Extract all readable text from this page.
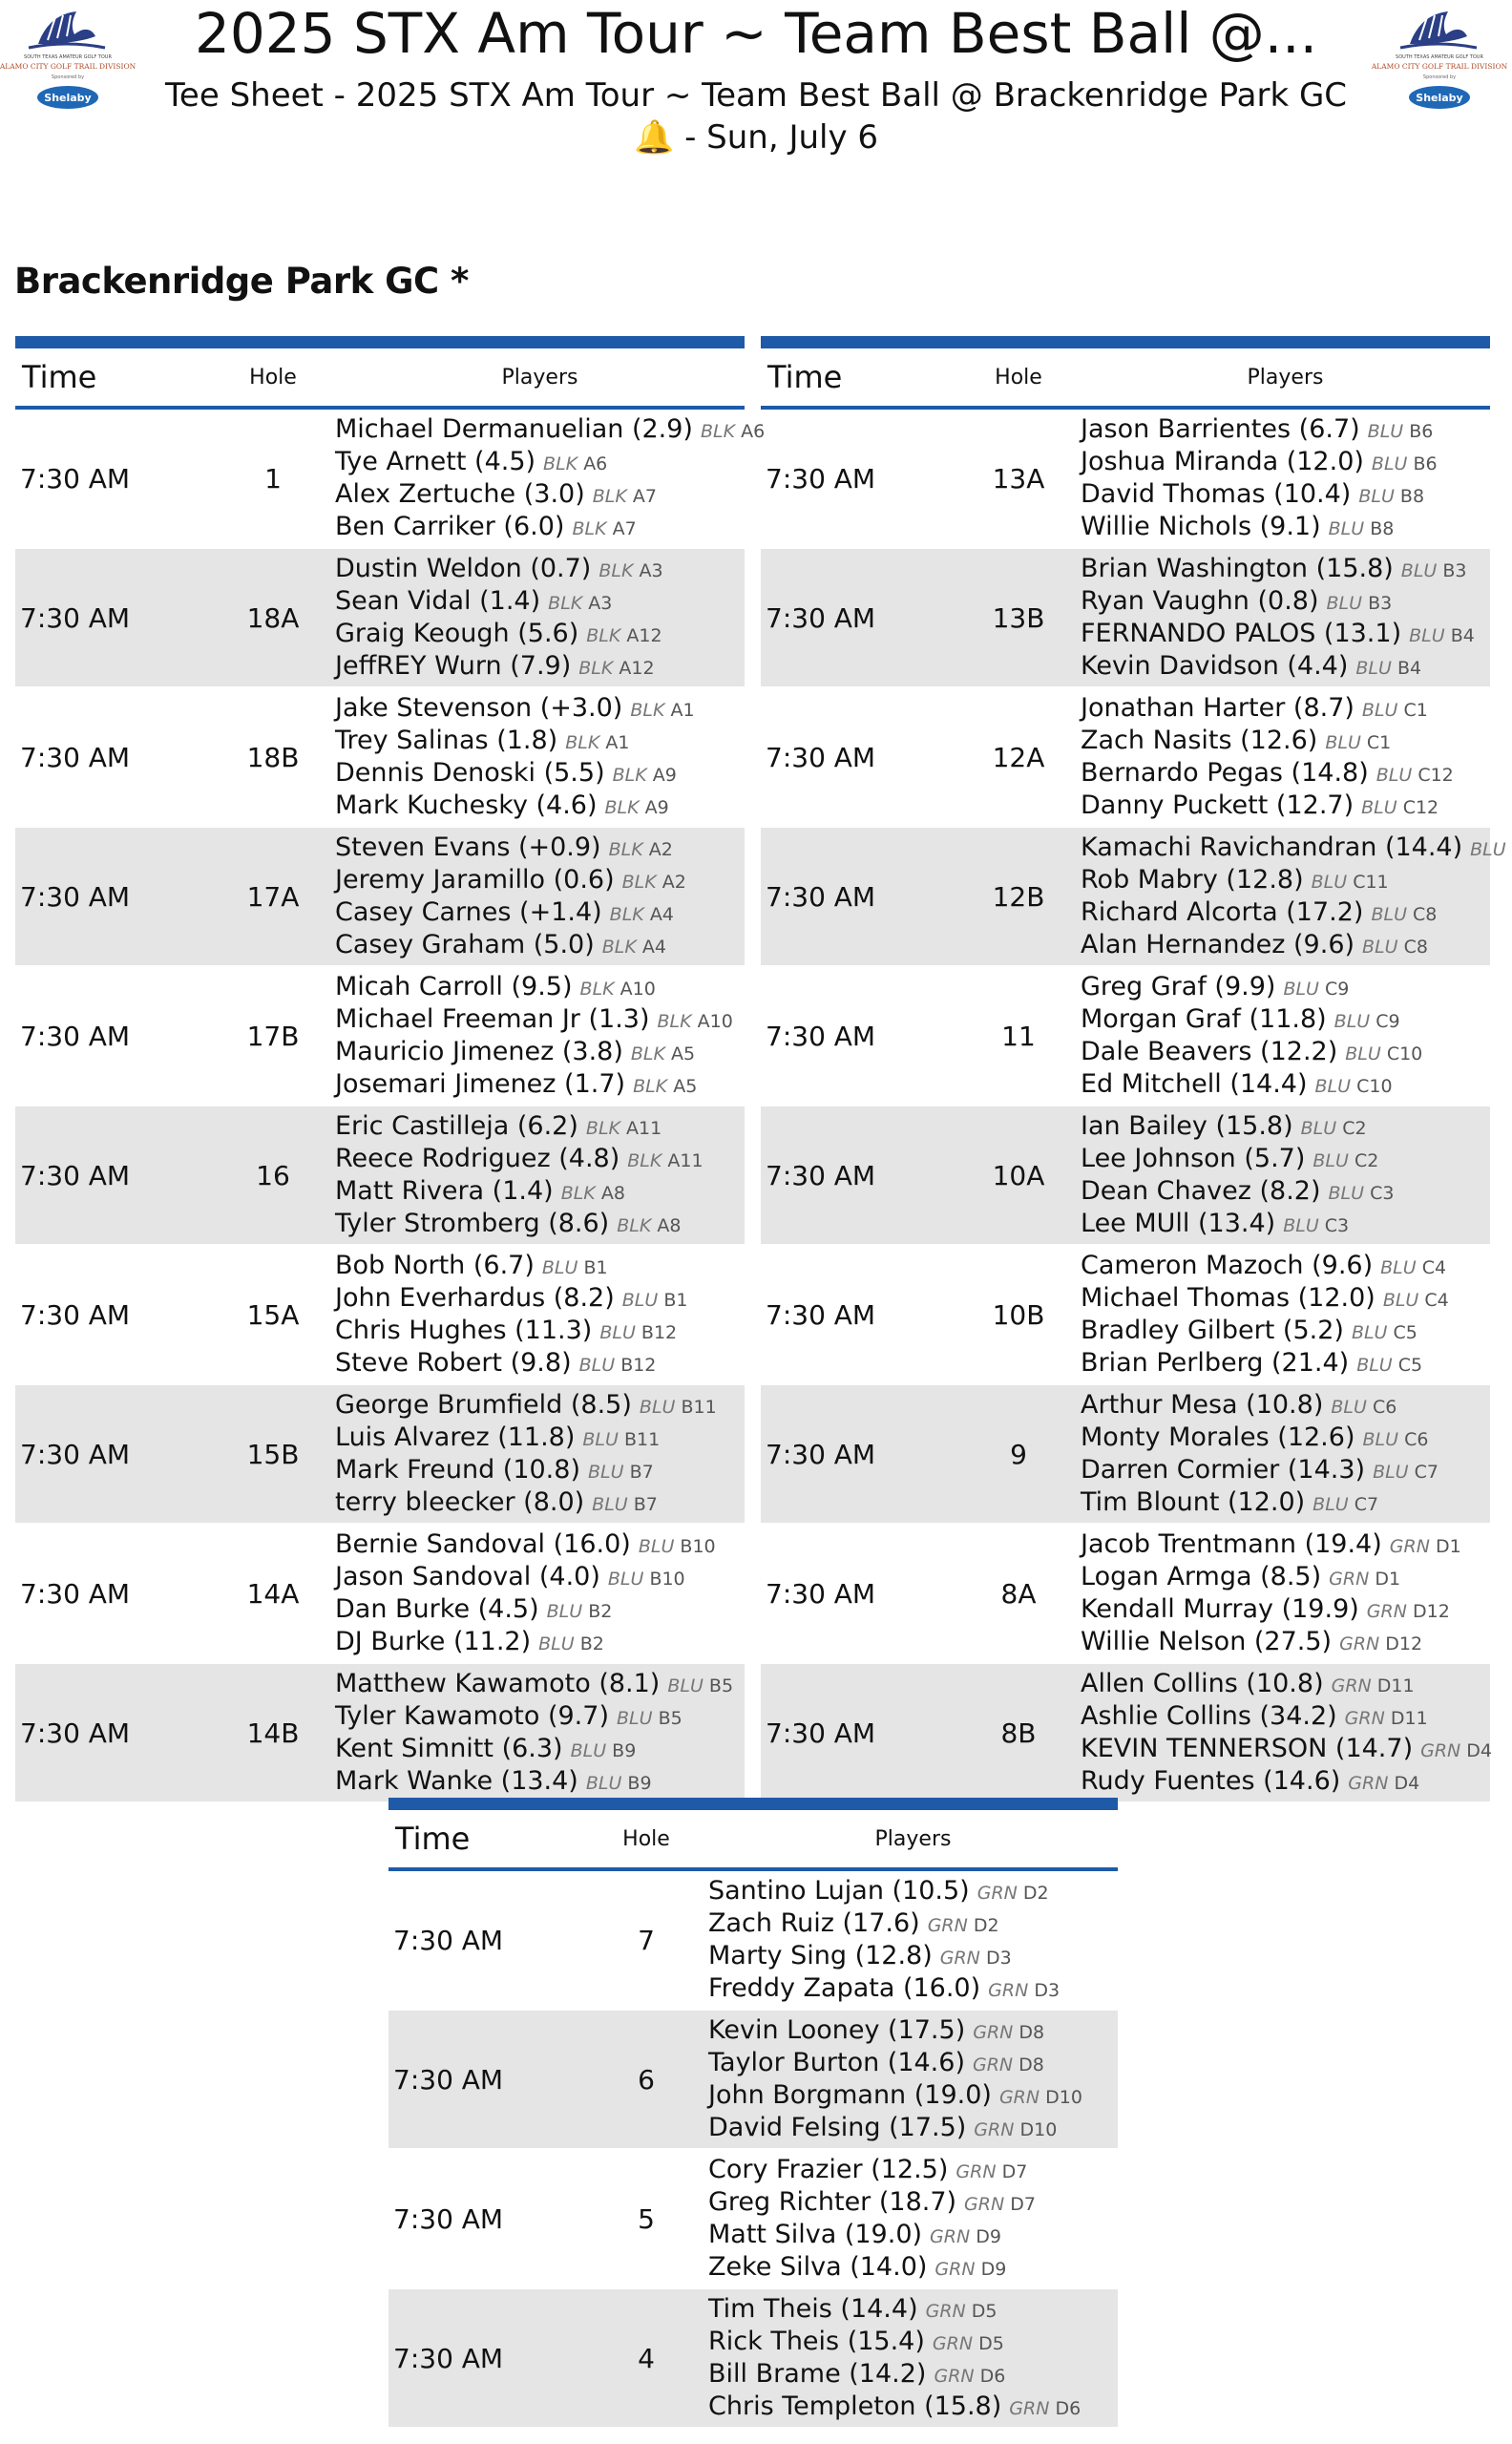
SOUTH TEXAS AMATEUR GOLF TOUR
ALAMO CITY GOLF TRAIL DIVISION
Sponsored by
Shelaby
SOUTH TEXAS AMATEUR GOLF TOUR
ALAMO CITY GOLF TRAIL DIVISION
Sponsored by
Shelaby
2025 STX Am Tour ~ Team Best Ball @...
Tee Sheet - 2025 STX Am Tour ~ Team Best Ball @ Brackenridge Park GC 🔔 - Sun, July 6
Brackenridge Park GC *
Time	Hole	Players
7:30 AM	1	Michael Dermanuelian (2.9) BLK A6
Tye Arnett (4.5) BLK A6
Alex Zertuche (3.0) BLK A7
Ben Carriker (6.0) BLK A7

7:30 AM	18A	Dustin Weldon (0.7) BLK A3
Sean Vidal (1.4) BLK A3
Graig Keough (5.6) BLK A12
JeffREY Wurn (7.9) BLK A12

7:30 AM	18B	Jake Stevenson (+3.0) BLK A1
Trey Salinas (1.8) BLK A1
Dennis Denoski (5.5) BLK A9
Mark Kuchesky (4.6) BLK A9

7:30 AM	17A	Steven Evans (+0.9) BLK A2
Jeremy Jaramillo (0.6) BLK A2
Casey Carnes (+1.4) BLK A4
Casey Graham (5.0) BLK A4

7:30 AM	17B	Micah Carroll (9.5) BLK A10
Michael Freeman Jr (1.3) BLK A10
Mauricio Jimenez (3.8) BLK A5
Josemari Jimenez (1.7) BLK A5

7:30 AM	16	Eric Castilleja (6.2) BLK A11
Reece Rodriguez (4.8) BLK A11
Matt Rivera (1.4) BLK A8
Tyler Stromberg (8.6) BLK A8

7:30 AM	15A	Bob North (6.7) BLU B1
John Everhardus (8.2) BLU B1
Chris Hughes (11.3) BLU B12
Steve Robert (9.8) BLU B12

7:30 AM	15B	George Brumfield (8.5) BLU B11
Luis Alvarez (11.8) BLU B11
Mark Freund (10.8) BLU B7
terry bleecker (8.0) BLU B7

7:30 AM	14A	Bernie Sandoval (16.0) BLU B10
Jason Sandoval (4.0) BLU B10
Dan Burke (4.5) BLU B2
DJ Burke (11.2) BLU B2

7:30 AM	14B	Matthew Kawamoto (8.1) BLU B5
Tyler Kawamoto (9.7) BLU B5
Kent Simnitt (6.3) BLU B9
Mark Wanke (13.4) BLU B9
Time	Hole	Players
7:30 AM	13A	Jason Barrientes (6.7) BLU B6
Joshua Miranda (12.0) BLU B6
David Thomas (10.4) BLU B8
Willie Nichols (9.1) BLU B8

7:30 AM	13B	Brian Washington (15.8) BLU B3
Ryan Vaughn (0.8) BLU B3
FERNANDO PALOS (13.1) BLU B4
Kevin Davidson (4.4) BLU B4

7:30 AM	12A	Jonathan Harter (8.7) BLU C1
Zach Nasits (12.6) BLU C1
Bernardo Pegas (14.8) BLU C12
Danny Puckett (12.7) BLU C12

7:30 AM	12B	Kamachi Ravichandran (14.4) BLU
Rob Mabry (12.8) BLU C11
Richard Alcorta (17.2) BLU C8
Alan Hernandez (9.6) BLU C8

7:30 AM	11	Greg Graf (9.9) BLU C9
Morgan Graf (11.8) BLU C9
Dale Beavers (12.2) BLU C10
Ed Mitchell (14.4) BLU C10

7:30 AM	10A	Ian Bailey (15.8) BLU C2
Lee Johnson (5.7) BLU C2
Dean Chavez (8.2) BLU C3
Lee MUll (13.4) BLU C3

7:30 AM	10B	Cameron Mazoch (9.6) BLU C4
Michael Thomas (12.0) BLU C4
Bradley Gilbert (5.2) BLU C5
Brian Perlberg (21.4) BLU C5

7:30 AM	9	Arthur Mesa (10.8) BLU C6
Monty Morales (12.6) BLU C6
Darren Cormier (14.3) BLU C7
Tim Blount (12.0) BLU C7

7:30 AM	8A	Jacob Trentmann (19.4) GRN D1
Logan Armga (8.5) GRN D1
Kendall Murray (19.9) GRN D12
Willie Nelson (27.5) GRN D12

7:30 AM	8B	Allen Collins (10.8) GRN D11
Ashlie Collins (34.2) GRN D11
KEVIN TENNERSON (14.7) GRN D4
Rudy Fuentes (14.6) GRN D4
Time	Hole	Players
7:30 AM	7	Santino Lujan (10.5) GRN D2
Zach Ruiz (17.6) GRN D2
Marty Sing (12.8) GRN D3
Freddy Zapata (16.0) GRN D3

7:30 AM	6	Kevin Looney (17.5) GRN D8
Taylor Burton (14.6) GRN D8
John Borgmann (19.0) GRN D10
David Felsing (17.5) GRN D10

7:30 AM	5	Cory Frazier (12.5) GRN D7
Greg Richter (18.7) GRN D7
Matt Silva (19.0) GRN D9
Zeke Silva (14.0) GRN D9

7:30 AM	4	Tim Theis (14.4) GRN D5
Rick Theis (15.4) GRN D5
Bill Brame (14.2) GRN D6
Chris Templeton (15.8) GRN D6
